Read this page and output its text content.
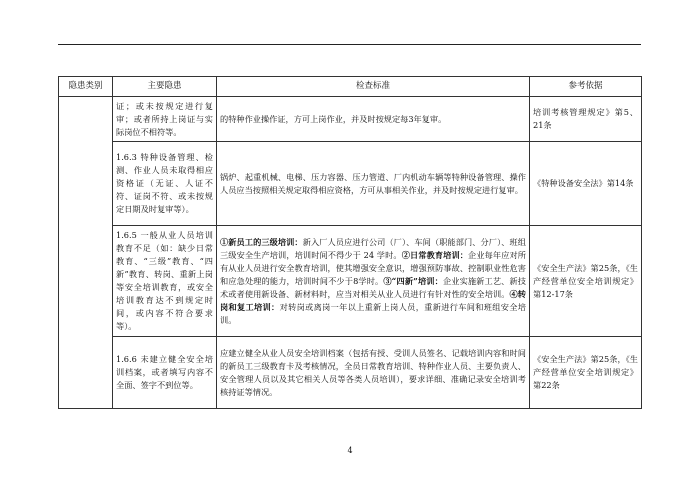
隐患类别	主要隐患	检查标准	参考依据
	证；或未按规定进行复审；或者所持上岗证与实际岗位不相符等。	的特种作业操作证，方可上岗作业，并及时按规定每3年复审。	培训考核管理规定》第5、21条
	1.6.3 特种设备管理、检测、作业人员未取得相应资格证（无证、人证不符、证岗不符、或未按规定日期及时复审等）。	锅炉、起重机械、电梯、压力容器、压力管道、厂内机动车辆等特种设备管理、操作人员应当按照相关规定取得相应资格，方可从事相关作业，并及时按规定进行复审。	《特种设备安全法》第14条
	1.6.5 一般从业人员培训教育不足（如：缺少日常教育、“三级”教育、“四新”教育、转岗、重新上岗等安全培训教育，或安全培训教育达不到规定时间，或内容不符合要求等）。	①新员工的三级培训：新入厂人员应进行公司（厂）、车间（职能部门、分厂）、班组三级安全生产培训，培训时间不得少于 24 学时。②日常教育培训：企业每年应对所有从业人员进行安全教育培训，使其增强安全意识，增强预防事故、控制职业性危害和应急处理的能力，培训时间不少于8学时。③“四新”培训：企业实施新工艺、新技术或者使用新设备、新材料时，应当对相关从业人员进行有针对性的安全培训。④转岗和复工培训：对转岗或离岗一年以上重新上岗人员，重新进行车间和班组安全培训。	《安全生产法》第25条，《生产经营单位安全培训规定》第12-17条
	1.6.6 未建立健全安全培训档案，或者填写内容不全面、签字不到位等。	应建立健全从业人员安全培训档案（包括有授、受训人员签名、记载培训内容和时间的新员工三级教育卡及考核情况，全员日常教育培训、特种作业人员、主要负责人、安全管理人员以及其它相关人员等各类人员培训），要求详细、准确记录安全培训考核持证等情况。	《安全生产法》第25条，《生产经营单位安全培训规定》第22条
4
